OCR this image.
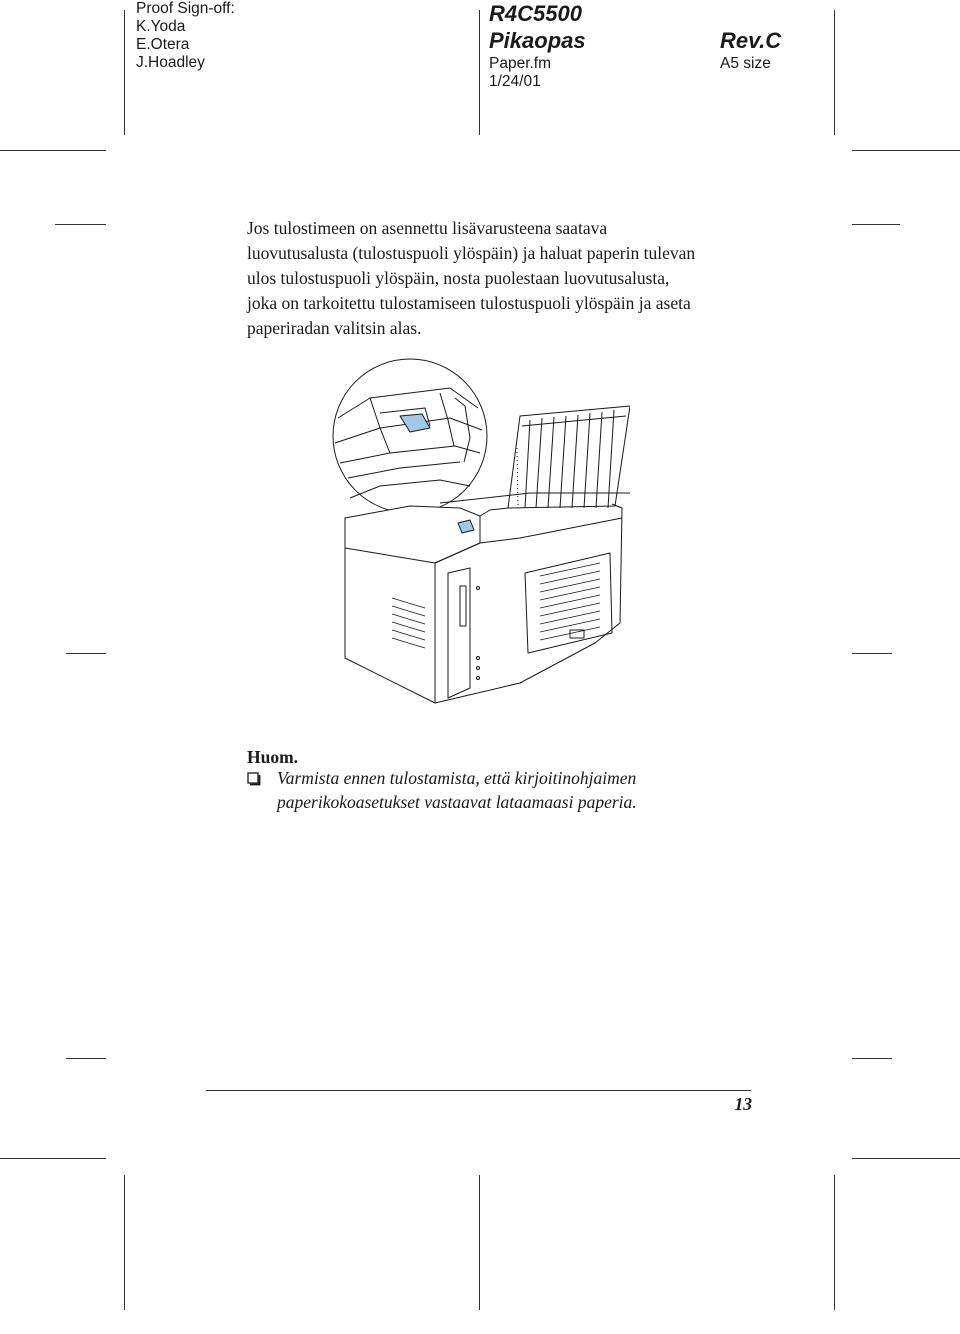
Proof Sign-off:
K.Yoda
E.Otera
J.Hoadley
R4C5500
Pikaopas
Paper.fm
1/24/01
Rev.C
A5 size
Jos tulostimeen on asennettu lisävarusteena saatava
luovutusalusta (tulostuspuoli ylöspäin) ja haluat paperin tulevan
ulos tulostuspuoli ylöspäin, nosta puolestaan luovutusalusta,
joka on tarkoitettu tulostamiseen tulostuspuoli ylöspäin ja aseta
paperiradan valitsin alas.
Huom.
Varmista ennen tulostamista, että kirjoitinohjaimen
paperikokoasetukset vastaavat lataamaasi paperia.
13
